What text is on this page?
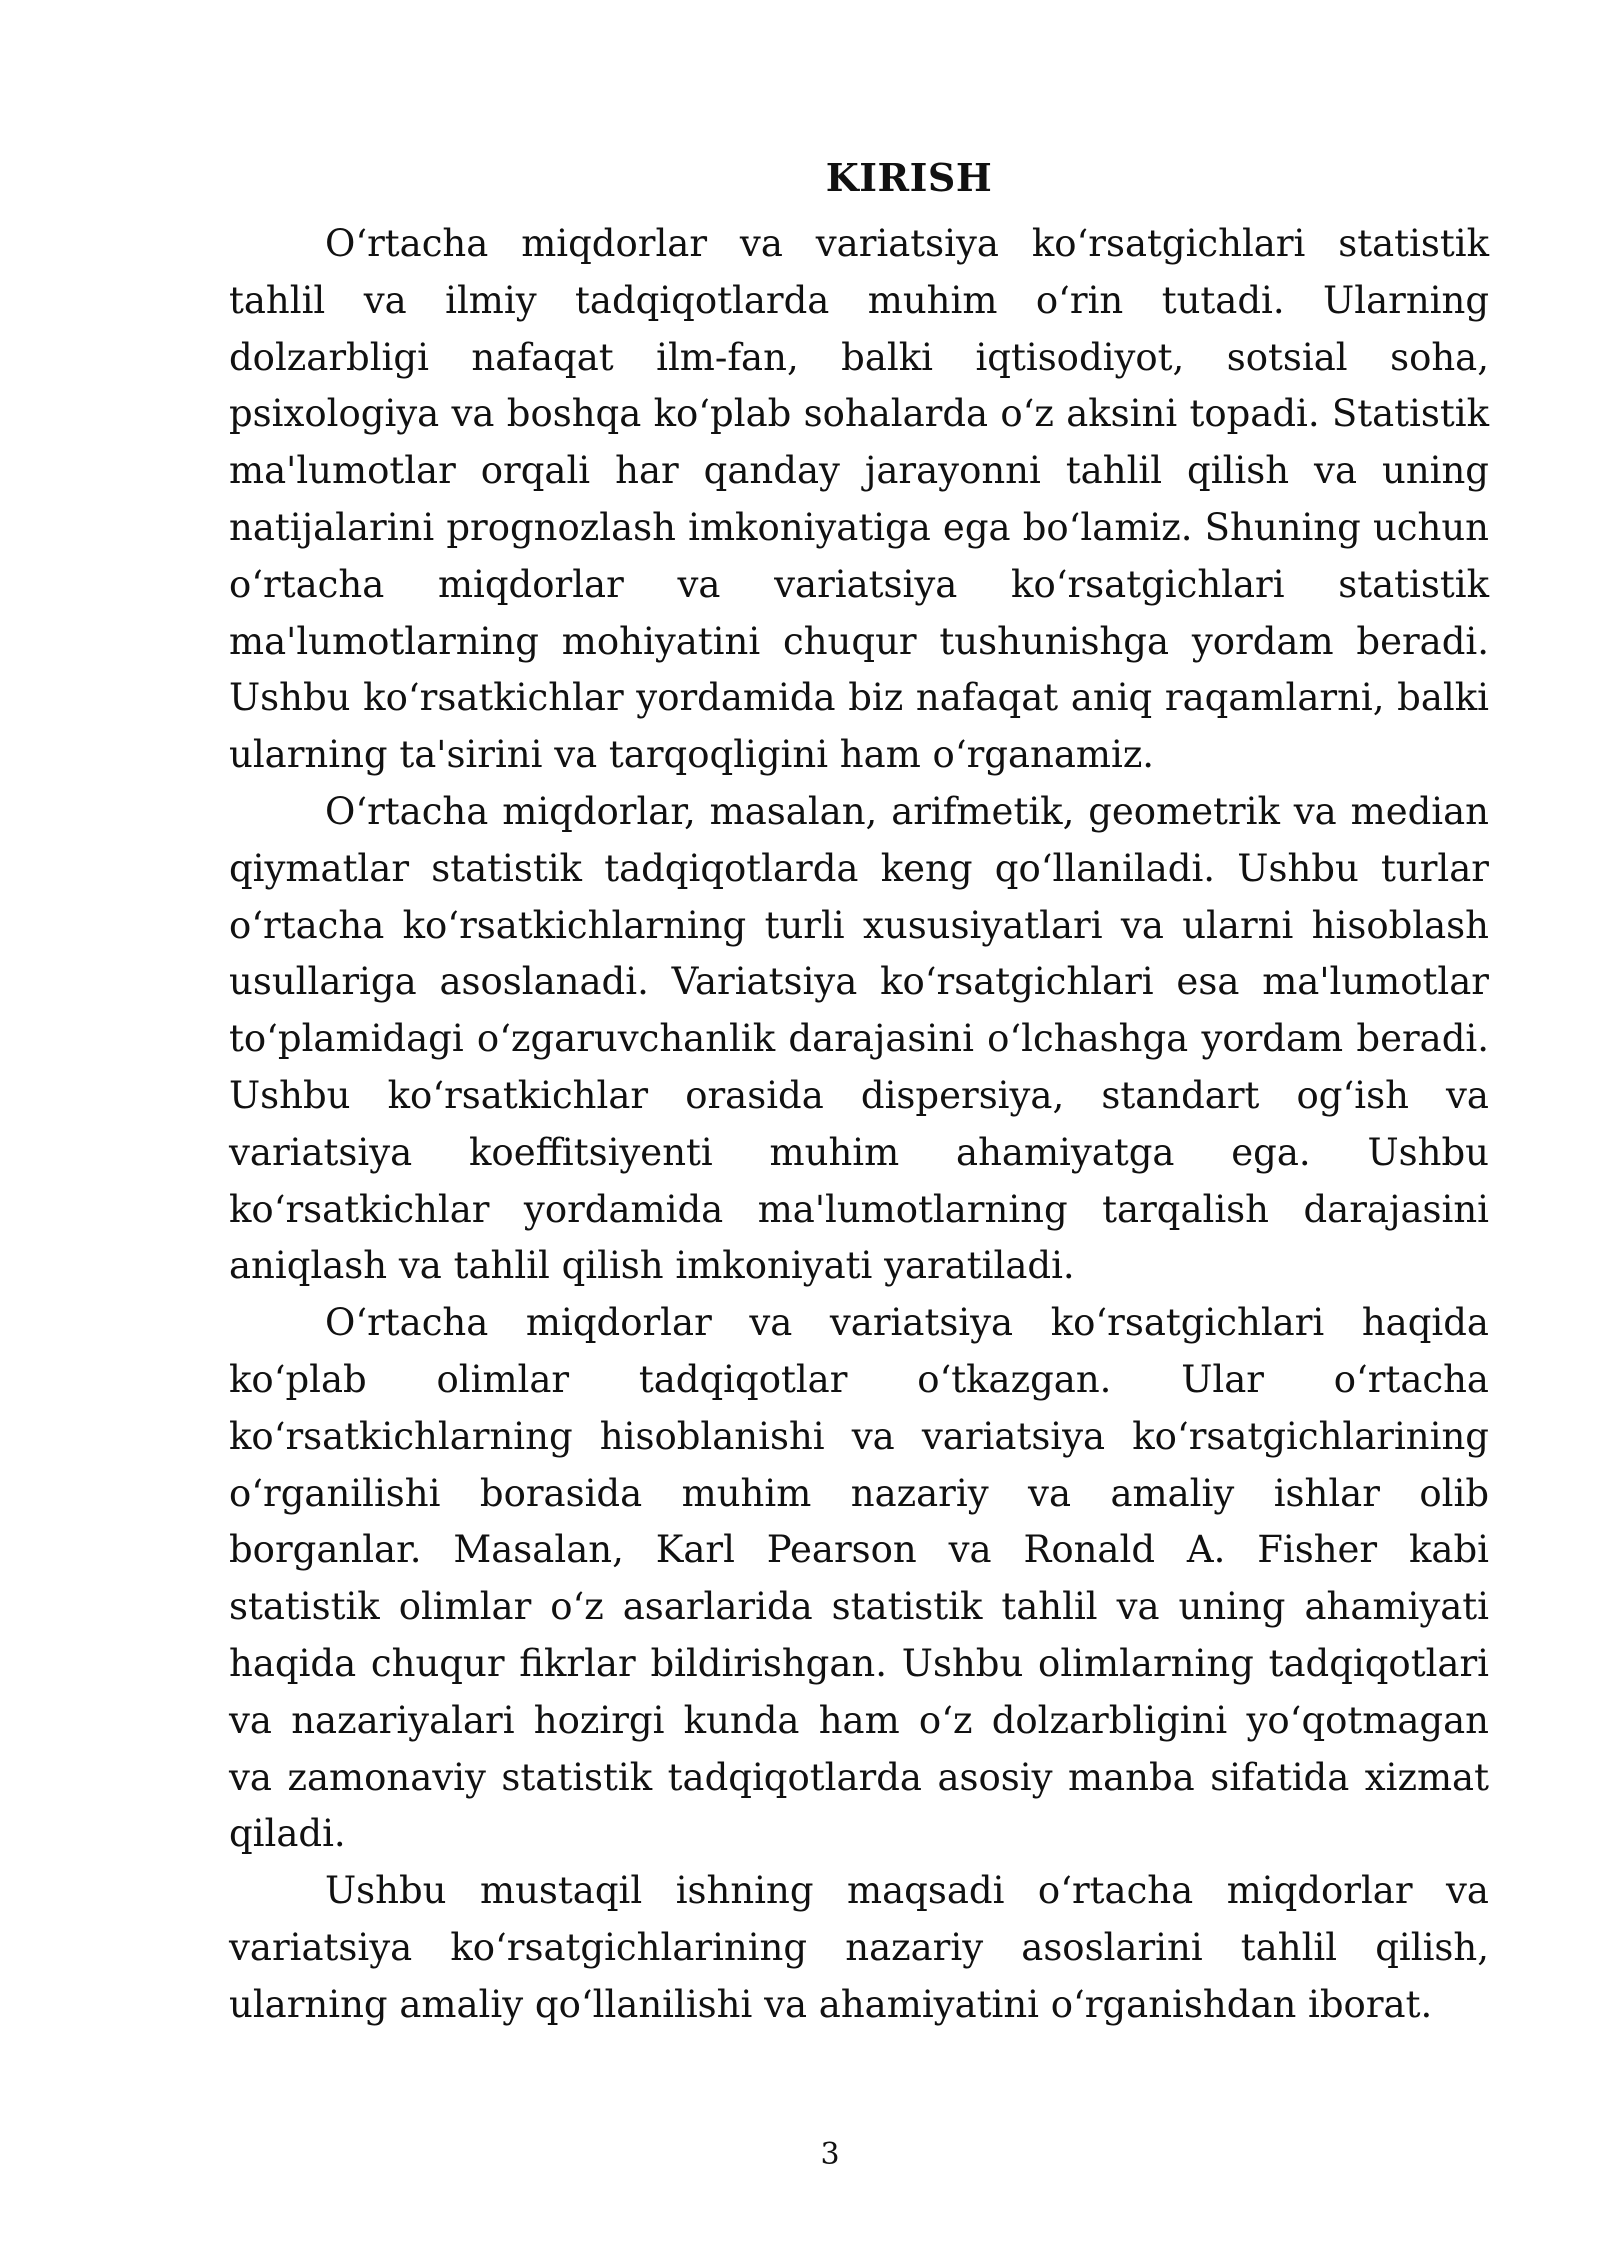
KIRISH

O‘rtacha miqdorlar va variatsiya ko‘rsatgichlari statistik tahlil va ilmiy tadqiqotlarda muhim o‘rin tutadi. Ularning dolzarbligi nafaqat ilm-fan, balki iqtisodiyot, sotsial soha, psixologiya va boshqa ko‘plab sohalarda o‘z aksini topadi. Statistik ma'lumotlar orqali har qanday jarayonni tahlil qilish va uning natijalarini prognozlash imkoniyatiga ega bo‘lamiz. Shuning uchun o‘rtacha miqdorlar va variatsiya ko‘rsatgichlari statistik ma'lumotlarning mohiyatini chuqur tushunishga yordam beradi. Ushbu ko‘rsatkichlar yordamida biz nafaqat aniq raqamlarni, balki ularning ta'sirini va tarqoqligini ham o‘rganamiz.

O‘rtacha miqdorlar, masalan, arifmetik, geometrik va median qiymatlar statistik tadqiqotlarda keng qo‘llaniladi. Ushbu turlar o‘rtacha ko‘rsatkichlarning turli xususiyatlari va ularni hisoblash usullariga asoslanadi. Variatsiya ko‘rsatgichlari esa ma'lumotlar to‘plamidagi o‘zgaruvchanlik darajasini o‘lchashga yordam beradi. Ushbu ko‘rsatkichlar orasida dispersiya, standart og‘ish va variatsiya koeffitsiyenti muhim ahamiyatga ega. Ushbu ko‘rsatkichlar yordamida ma'lumotlarning tarqalish darajasini aniqlash va tahlil qilish imkoniyati yaratiladi.

O‘rtacha miqdorlar va variatsiya ko‘rsatgichlari haqida ko‘plab olimlar tadqiqotlar o‘tkazgan. Ular o‘rtacha ko‘rsatkichlarning hisoblanishi va variatsiya ko‘rsatgichlarining o‘rganilishi borasida muhim nazariy va amaliy ishlar olib borganlar. Masalan, Karl Pearson va Ronald A. Fisher kabi statistik olimlar o‘z asarlarida statistik tahlil va uning ahamiyati haqida chuqur fikrlar bildirishgan. Ushbu olimlarning tadqiqotlari va nazariyalari hozirgi kunda ham o‘z dolzarbligini yo‘qotmagan va zamonaviy statistik tadqiqotlarda asosiy manba sifatida xizmat qiladi.

Ushbu mustaqil ishning maqsadi o‘rtacha miqdorlar va variatsiya ko‘rsatgichlarining nazariy asoslarini tahlil qilish, ularning amaliy qo‘llanilishi va ahamiyatini o‘rganishdan iborat.

3
